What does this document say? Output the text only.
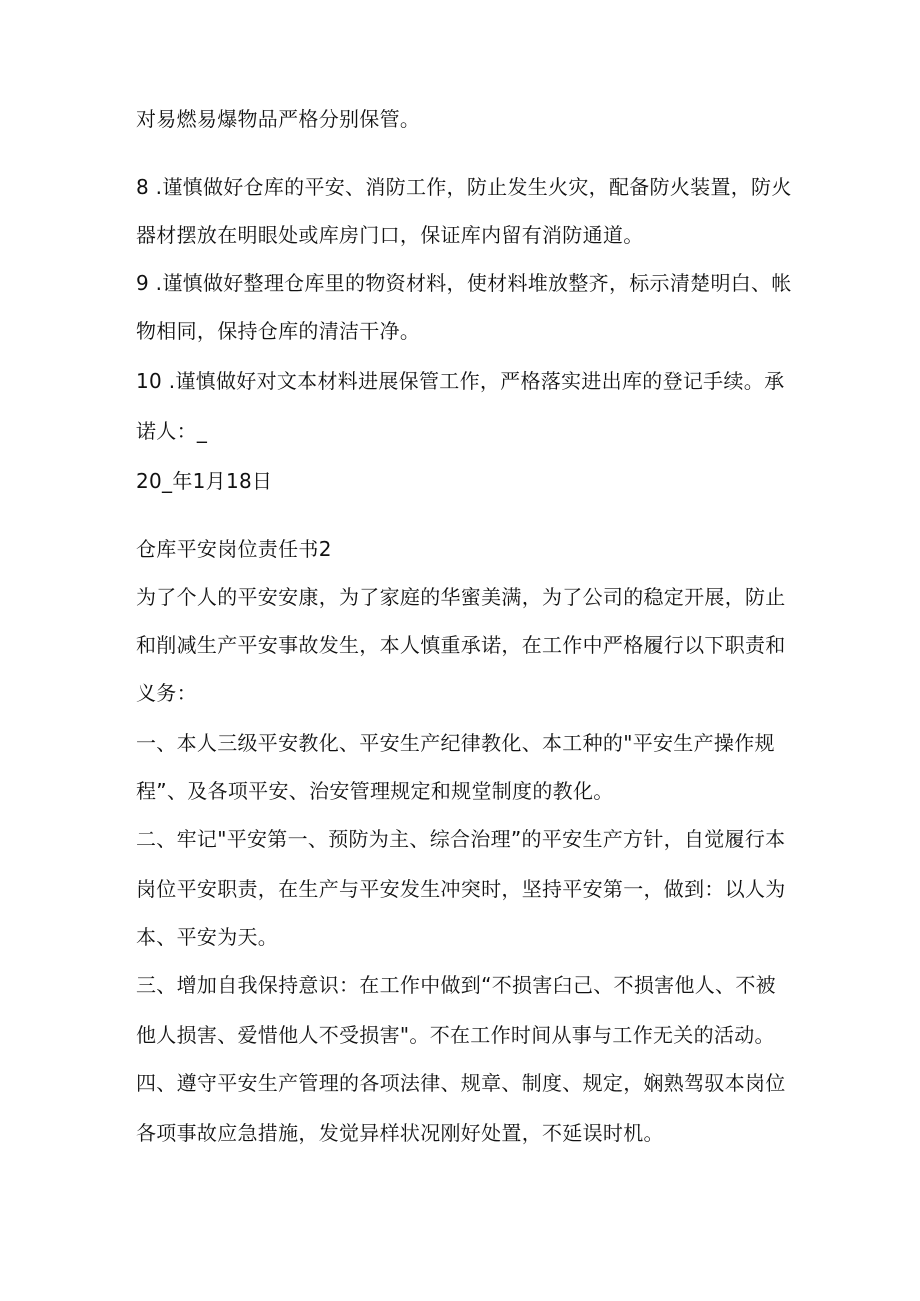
对易燃易爆物品严格分别保管。
8 .谨慎做好仓库的平安、消防工作，防止发生火灾，配备防火装置，防火
器材摆放在明眼处或库房门口，保证库内留有消防通道。
9 .谨慎做好整理仓库里的物资材料，使材料堆放整齐，标示清楚明白、帐
物相同，保持仓库的清洁干净。
10 .谨慎做好对文本材料进展保管工作，严格落实进出库的登记手续。承
诺人：_
20_年1月18日
仓库平安岗位责任书2
为了个人的平安安康，为了家庭的华蜜美满，为了公司的稳定开展，防止
和削减生产平安事故发生，本人慎重承诺，在工作中严格履行以下职责和
义务：
一、本人三级平安教化、平安生产纪律教化、本工种的"平安生产操作规
程”、及各项平安、治安管理规定和规堂制度的教化。
二、牢记"平安第一、预防为主、综合治理”的平安生产方针，自觉履行本
岗位平安职责，在生产与平安发生冲突时，坚持平安第一，做到：以人为
本、平安为天。
三、增加自我保持意识：在工作中做到“不损害臼己、不损害他人、不被
他人损害、爱惜他人不受损害"。不在工作时间从事与工作无关的活动。
四、遵守平安生产管理的各项法律、规章、制度、规定，娴熟驾驭本岗位
各项事故应急措施，发觉异样状况刚好处置，不延误时机。
